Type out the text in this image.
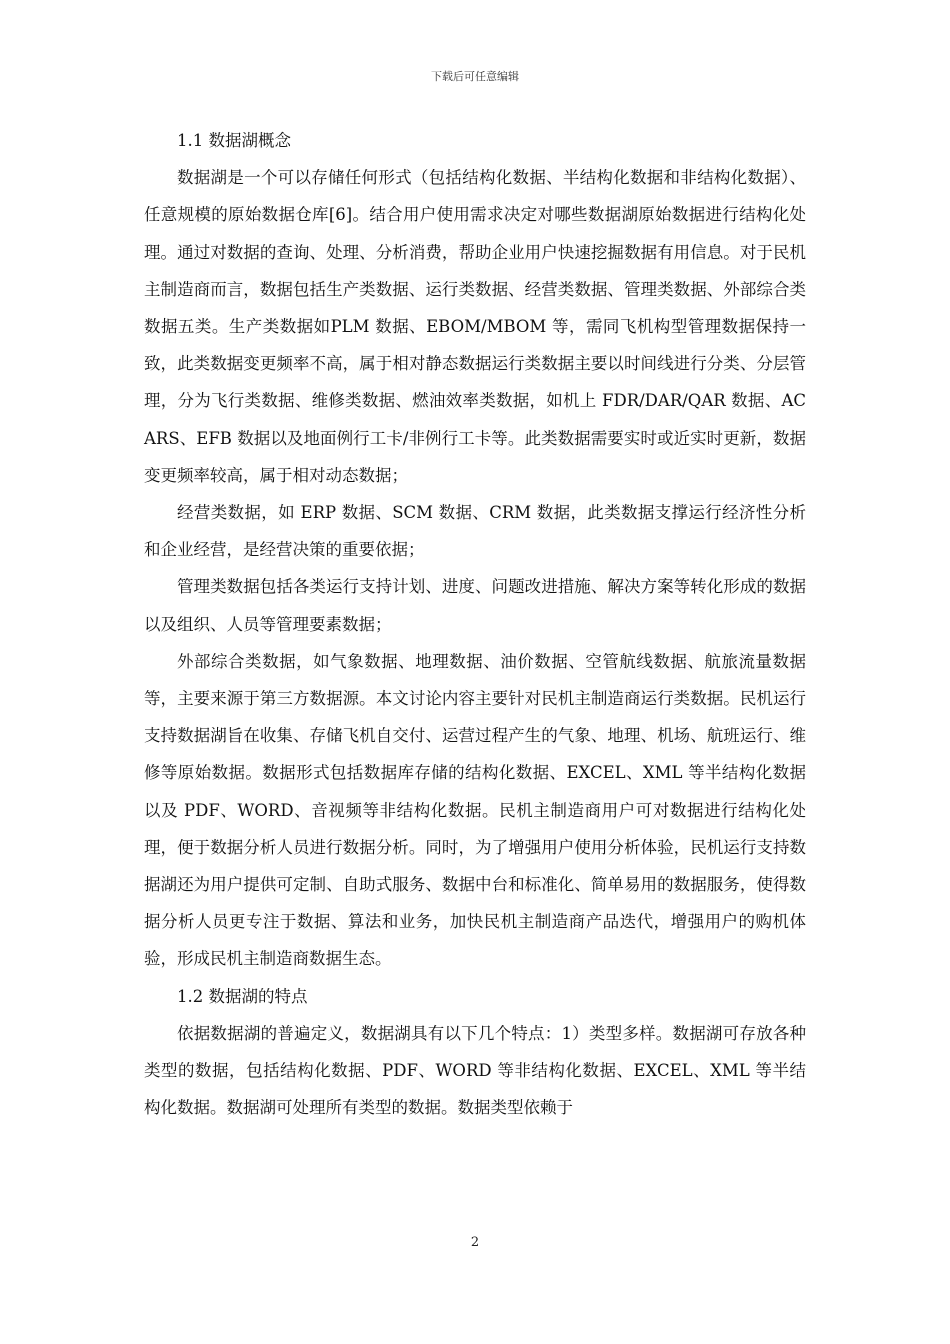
下载后可任意编辑

1.1 数据湖概念

数据湖是一个可以存储任何形式（包括结构化数据、半结构化数据和非结构化数据）、任意规模的原始数据仓库[6]。结合用户使用需求决定对哪些数据湖原始数据进行结构化处理。通过对数据的查询、处理、分析消费，帮助企业用户快速挖掘数据有用信息。对于民机主制造商而言，数据包括生产类数据、运行类数据、经营类数据、管理类数据、外部综合类数据五类。生产类数据如PLM 数据、EBOM/MBOM 等，需同飞机构型管理数据保持一致，此类数据变更频率不高，属于相对静态数据运行类数据主要以时间线进行分类、分层管理，分为飞行类数据、维修类数据、燃油效率类数据，如机上 FDR/DAR/QAR 数据、ACARS、EFB 数据以及地面例行工卡/非例行工卡等。此类数据需要实时或近实时更新，数据变更频率较高，属于相对动态数据；

经营类数据，如 ERP 数据、SCM 数据、CRM 数据，此类数据支撑运行经济性分析和企业经营，是经营决策的重要依据；

管理类数据包括各类运行支持计划、进度、问题改进措施、解决方案等转化形成的数据以及组织、人员等管理要素数据；

外部综合类数据，如气象数据、地理数据、油价数据、空管航线数据、航旅流量数据等，主要来源于第三方数据源。本文讨论内容主要针对民机主制造商运行类数据。民机运行支持数据湖旨在收集、存储飞机自交付、运营过程产生的气象、地理、机场、航班运行、维修等原始数据。数据形式包括数据库存储的结构化数据、EXCEL、XML 等半结构化数据以及 PDF、WORD、音视频等非结构化数据。民机主制造商用户可对数据进行结构化处理，便于数据分析人员进行数据分析。同时，为了增强用户使用分析体验，民机运行支持数据湖还为用户提供可定制、自助式服务、数据中台和标准化、简单易用的数据服务，使得数据分析人员更专注于数据、算法和业务，加快民机主制造商产品迭代，增强用户的购机体验，形成民机主制造商数据生态。

1.2 数据湖的特点

依据数据湖的普遍定义，数据湖具有以下几个特点：1）类型多样。数据湖可存放各种类型的数据，包括结构化数据、PDF、WORD 等非结构化数据、EXCEL、XML 等半结构化数据。数据湖可处理所有类型的数据。数据类型依赖于

2
